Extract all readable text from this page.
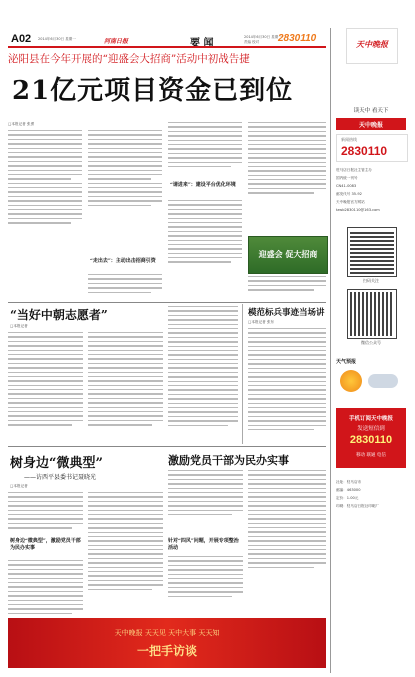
A02 2014年6月30日 星期一	河南日报	要 闻
2014年6月30日 星期一
责编 校对 2830110
泌阳县在今年开展的“迎盛会大招商”活动中初战告捷
21亿元项目资金已到位
□本报记者 张勇
“走出去”：主动出击招商引资
“请进来”：建设平台优化环境
迎盛会 促大招商
“当好中朝志愿者”
□本报记者
模范标兵事迹当场讲
□本报记者 张东
树身边“微典型”
——访西平县委书记聂晓光
□本报记者
树身边“微典型”，激励党员干部为民办实事
激励党员干部为民办实事
针对“四风”问题，开展专项整治活动
天中晚报 天天见 天中大事 天天知
一把手访谈
天中晚报
读天中 看天下
天中晚报
新闻热线
2830110
驻马店日报社主管主办
国内统一刊号
CN41-0083
邮发代号 35-92
天中晚报官方网站
tzwb2830110@163.com
扫码关注
微信公众号
天气预报
手机订阅天中晚报
发送短信到
2830110
移动 联通 电信
社址：驻马店市
邮编：463000
定价：1.00元
印刷：驻马店日报社印刷厂
